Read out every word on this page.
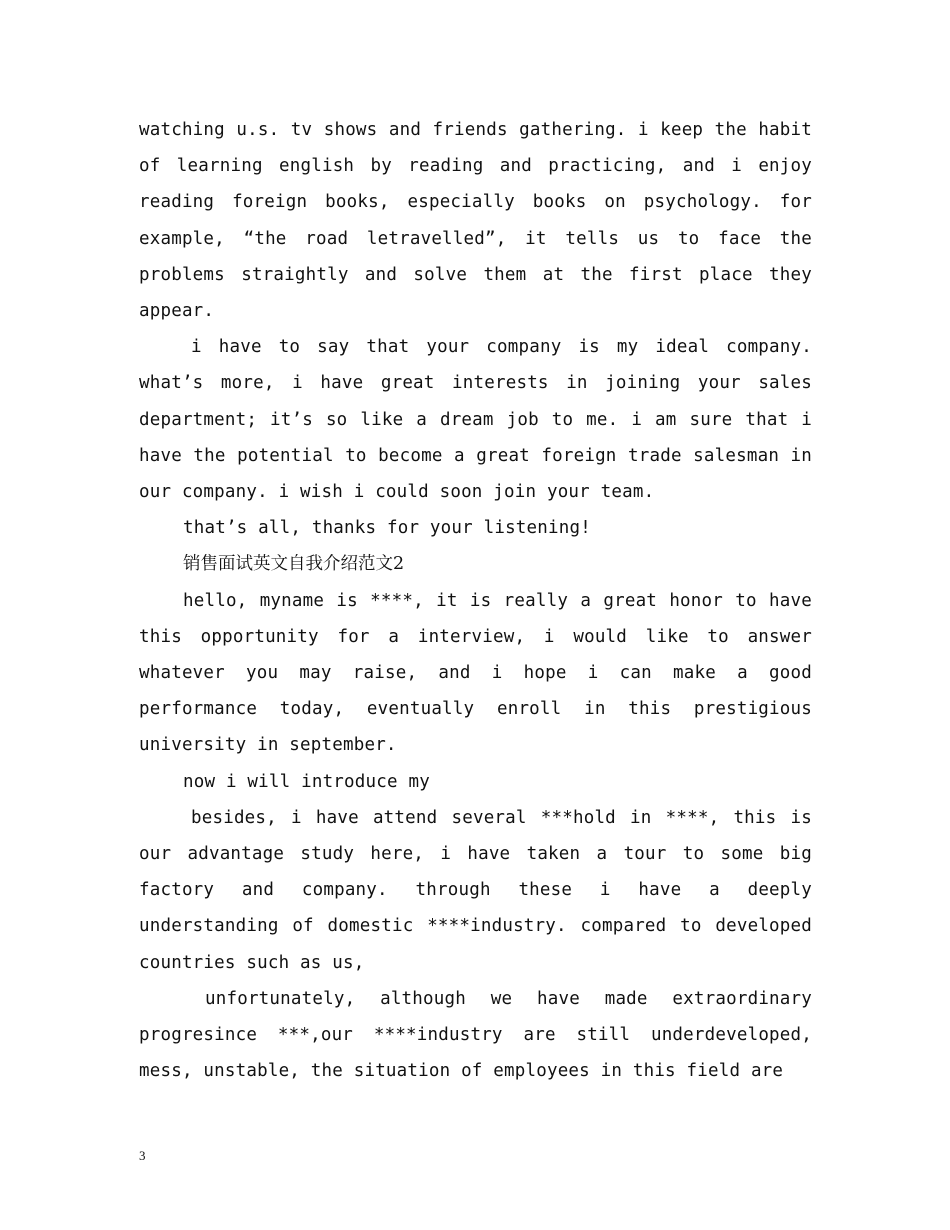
watching u.s. tv shows and friends gathering. i keep the habit of learning english by reading and practicing, and i enjoy reading foreign books, especially books on psychology. for example, “the road letravelled”, it tells us to face the problems straightly and solve them at the first place they appear.

i have to say that your company is my ideal company. what’s more, i have great interests in joining your sales department; it’s so like a dream job to me. i am sure that i have the potential to become a great foreign trade salesman in our company. i wish i could soon join your team.

that’s all, thanks for your listening!

销售面试英文自我介绍范文2

hello, myname is ****, it is really a great honor to have this opportunity for a interview, i would like to answer whatever you may raise, and i hope i can make a good performance today, eventually enroll in this prestigious university in september.

now i will introduce my

besides, i have attend several ***hold in ****, this is our advantage study here, i have taken a tour to some big factory and company. through these i have a deeply understanding of domestic ****industry. compared to developed countries such as us,

unfortunately, although we have made extraordinary progresince ***,our ****industry are still underdeveloped, mess, unstable, the situation of employees in this field are

3
